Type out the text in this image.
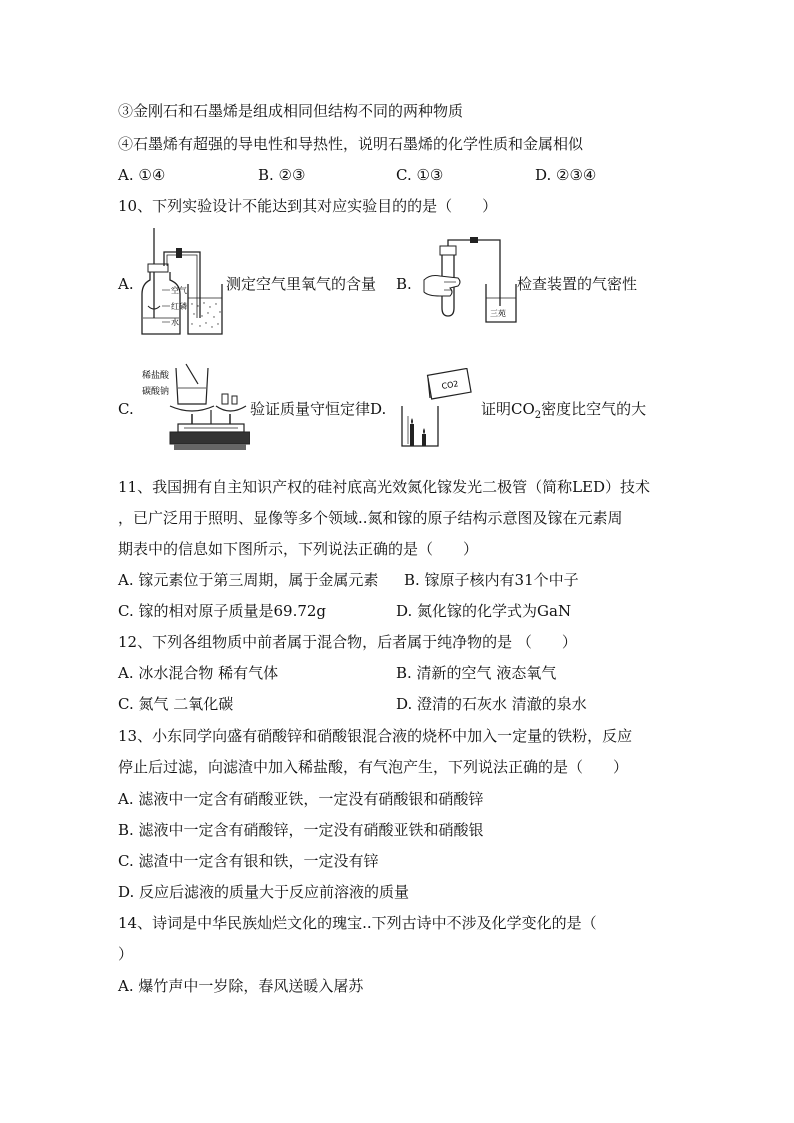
③金刚石和石墨烯是组成相同但结构不同的两种物质
④石墨烯有超强的导电性和导热性，说明石墨烯的化学性质和金属相似
A. ①④	B. ②③	C. ①③	D. ②③④
10、下列实验设计不能达到其对应实验目的的是（　　）
A.	空气
红磷
水
测定空气里氧气的含量 B.
三苑
检查装置的气密性
C.
稀盐酸
碳酸钠
验证质量守恒定律D.
CO2
证明$CO_2$密度比空气的大
11、我国拥有自主知识产权的硅衬底高光效氮化镓发光二极管（简称LED）技术
，已广泛用于照明、显像等多个领域..氮和镓的原子结构示意图及镓在元素周
期表中的信息如下图所示，下列说法正确的是（　　）
A. 镓元素位于第三周期，属于金属元素 B. 镓原子核内有31个中子
C. 镓的相对原子质量是69.72g	D. 氮化镓的化学式为GaN
12、下列各组物质中前者属于混合物，后者属于纯净物的是 （　　）
A. 冰水混合物 稀有气体	B. 清新的空气 液态氧气
C. 氮气 二氧化碳	D. 澄清的石灰水 清澈的泉水
13、小东同学向盛有硝酸锌和硝酸银混合液的烧杯中加入一定量的铁粉，反应
停止后过滤，向滤渣中加入稀盐酸，有气泡产生，下列说法正确的是（　　）
A. 滤液中一定含有硝酸亚铁，一定没有硝酸银和硝酸锌
B. 滤液中一定含有硝酸锌，一定没有硝酸亚铁和硝酸银
C. 滤渣中一定含有银和铁，一定没有锌
D. 反应后滤液的质量大于反应前溶液的质量
14、诗词是中华民族灿烂文化的瑰宝..下列古诗中不涉及化学变化的是（
）
A. 爆竹声中一岁除，春风送暖入屠苏
